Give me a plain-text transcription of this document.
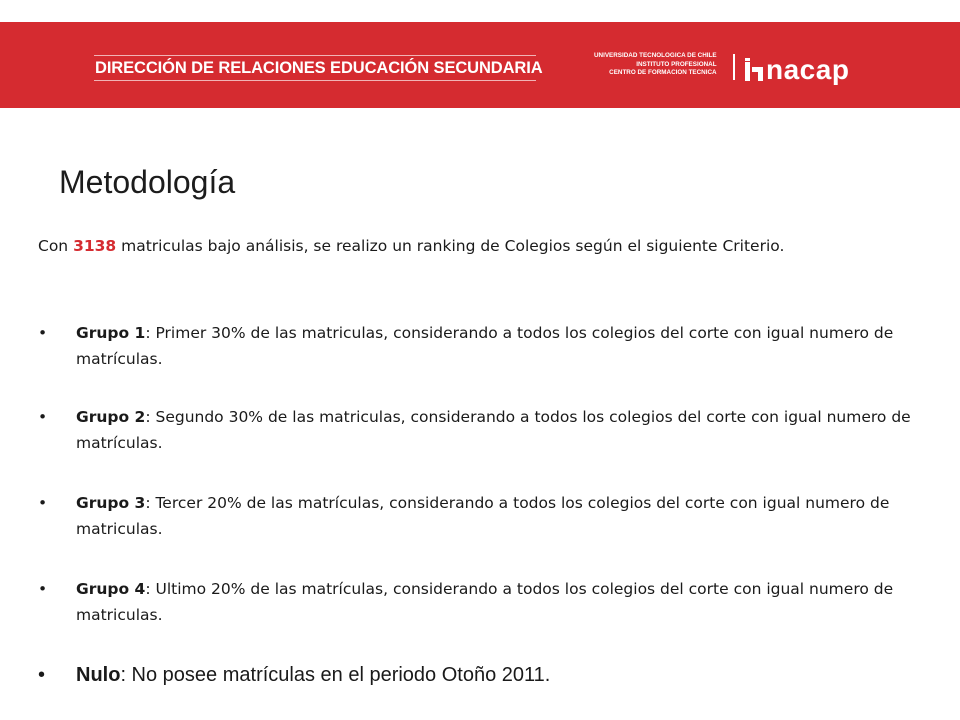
DIRECCIÓN DE RELACIONES EDUCACIÓN SECUNDARIA
UNIVERSIDAD TECNOLOGICA DE CHILE
INSTITUTO PROFESIONAL
CENTRO DE FORMACION TECNICA nacap
Metodología
Con 3138 matriculas bajo análisis, se realizo un ranking de Colegios según el siguiente Criterio.
• Grupo 1: Primer 30% de las matriculas, considerando a todos los colegios del corte con igual numero de matrículas.
• Grupo 2: Segundo 30% de las matriculas, considerando a todos los colegios del corte con igual numero de matrículas.
• Grupo 3: Tercer 20% de las matrículas, considerando a todos los colegios del corte con igual numero de matriculas.
• Grupo 4: Ultimo 20% de las matrículas, considerando a todos los colegios del corte con igual numero de matriculas.
• Nulo: No posee matrículas en el periodo Otoño 2011.
